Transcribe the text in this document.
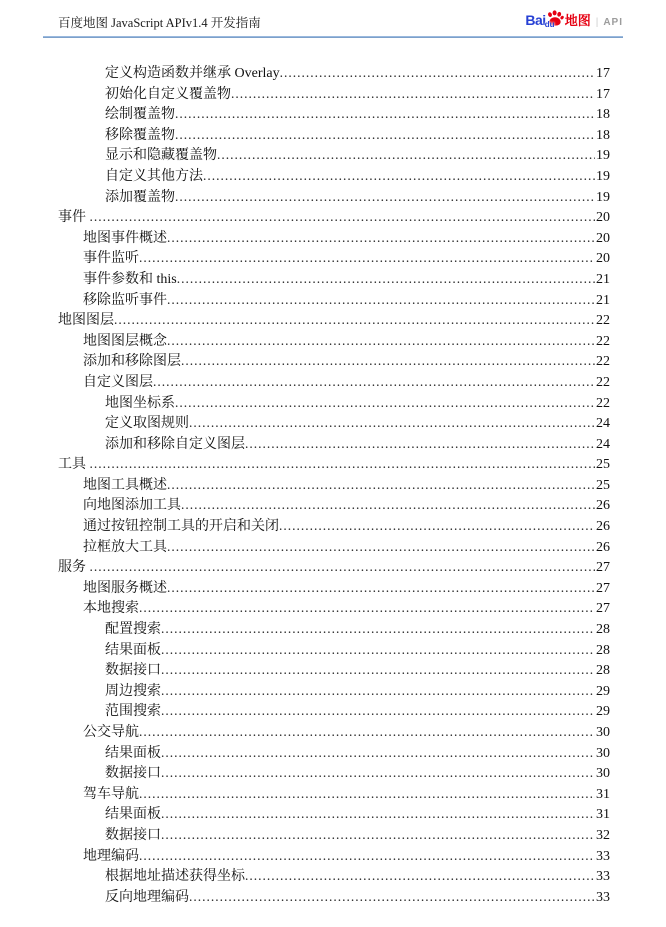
百度地图 JavaScript APIv1.4 开发指南	Bai du 地图 | API
定义构造函数并继承 Overlay .....	17
初始化自定义覆盖物 .....	17
绘制覆盖物 .....	18
移除覆盖物 .....	18
显示和隐藏覆盖物 .....	19
自定义其他方法 .....	19
添加覆盖物 .....	19
事件 .....	20
地图事件概述 .....	20
事件监听 .....	20
事件参数和 this .....	21
移除监听事件 .....	21
地图图层 .....	22
地图图层概念 .....	22
添加和移除图层 .....	22
自定义图层 .....	22
地图坐标系 .....	22
定义取图规则 .....	24
添加和移除自定义图层 .....	24
工具 .....	25
地图工具概述 .....	25
向地图添加工具 .....	26
通过按钮控制工具的开启和关闭 .....	26
拉框放大工具 .....	26
服务 .....	27
地图服务概述 .....	27
本地搜索 .....	27
配置搜索 .....	28
结果面板 .....	28
数据接口 .....	28
周边搜索 .....	29
范围搜索 .....	29
公交导航 .....	30
结果面板 .....	30
数据接口 .....	30
驾车导航 .....	31
结果面板 .....	31
数据接口 .....	32
地理编码 .....	33
根据地址描述获得坐标 .....	33
反向地理编码 .....	33
